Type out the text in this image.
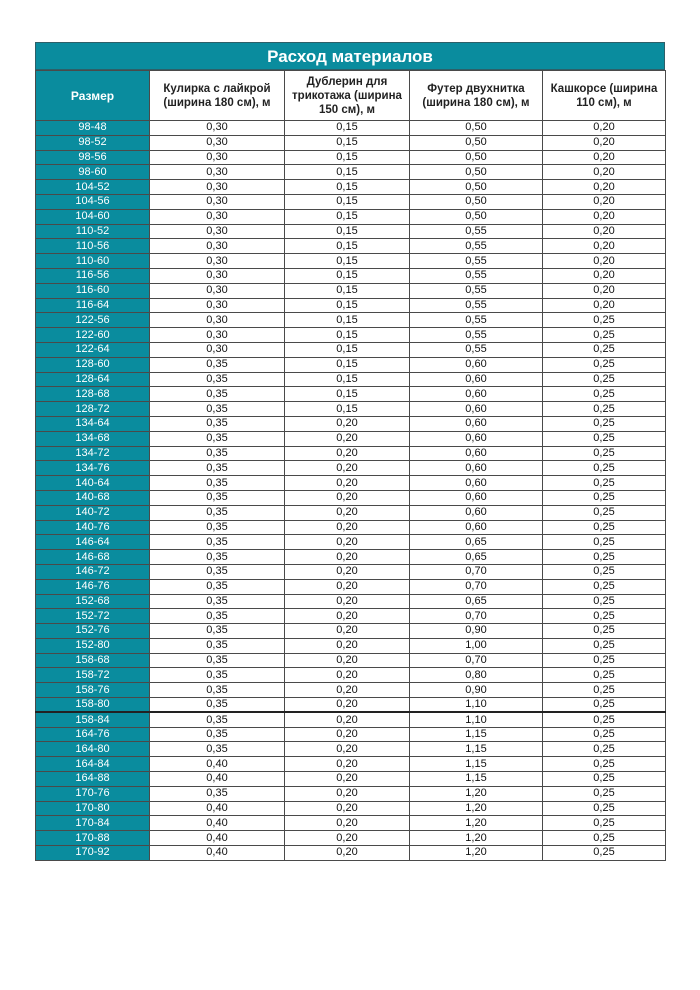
Расход материалов
Размер	Кулирка с лайкрой (ширина 180 см), м	Дублерин для трикотажа (ширина 150 см), м	Футер двухнитка (ширина 180 см), м	Кашкорсе (ширина 110 см), м
98-48	0,30	0,15	0,50	0,20
98-52	0,30	0,15	0,50	0,20
98-56	0,30	0,15	0,50	0,20
98-60	0,30	0,15	0,50	0,20
104-52	0,30	0,15	0,50	0,20
104-56	0,30	0,15	0,50	0,20
104-60	0,30	0,15	0,50	0,20
110-52	0,30	0,15	0,55	0,20
110-56	0,30	0,15	0,55	0,20
110-60	0,30	0,15	0,55	0,20
116-56	0,30	0,15	0,55	0,20
116-60	0,30	0,15	0,55	0,20
116-64	0,30	0,15	0,55	0,20
122-56	0,30	0,15	0,55	0,25
122-60	0,30	0,15	0,55	0,25
122-64	0,30	0,15	0,55	0,25
128-60	0,35	0,15	0,60	0,25
128-64	0,35	0,15	0,60	0,25
128-68	0,35	0,15	0,60	0,25
128-72	0,35	0,15	0,60	0,25
134-64	0,35	0,20	0,60	0,25
134-68	0,35	0,20	0,60	0,25
134-72	0,35	0,20	0,60	0,25
134-76	0,35	0,20	0,60	0,25
140-64	0,35	0,20	0,60	0,25
140-68	0,35	0,20	0,60	0,25
140-72	0,35	0,20	0,60	0,25
140-76	0,35	0,20	0,60	0,25
146-64	0,35	0,20	0,65	0,25
146-68	0,35	0,20	0,65	0,25
146-72	0,35	0,20	0,70	0,25
146-76	0,35	0,20	0,70	0,25
152-68	0,35	0,20	0,65	0,25
152-72	0,35	0,20	0,70	0,25
152-76	0,35	0,20	0,90	0,25
152-80	0,35	0,20	1,00	0,25
158-68	0,35	0,20	0,70	0,25
158-72	0,35	0,20	0,80	0,25
158-76	0,35	0,20	0,90	0,25
158-80	0,35	0,20	1,10	0,25
158-84	0,35	0,20	1,10	0,25
164-76	0,35	0,20	1,15	0,25
164-80	0,35	0,20	1,15	0,25
164-84	0,40	0,20	1,15	0,25
164-88	0,40	0,20	1,15	0,25
170-76	0,35	0,20	1,20	0,25
170-80	0,40	0,20	1,20	0,25
170-84	0,40	0,20	1,20	0,25
170-88	0,40	0,20	1,20	0,25
170-92	0,40	0,20	1,20	0,25
